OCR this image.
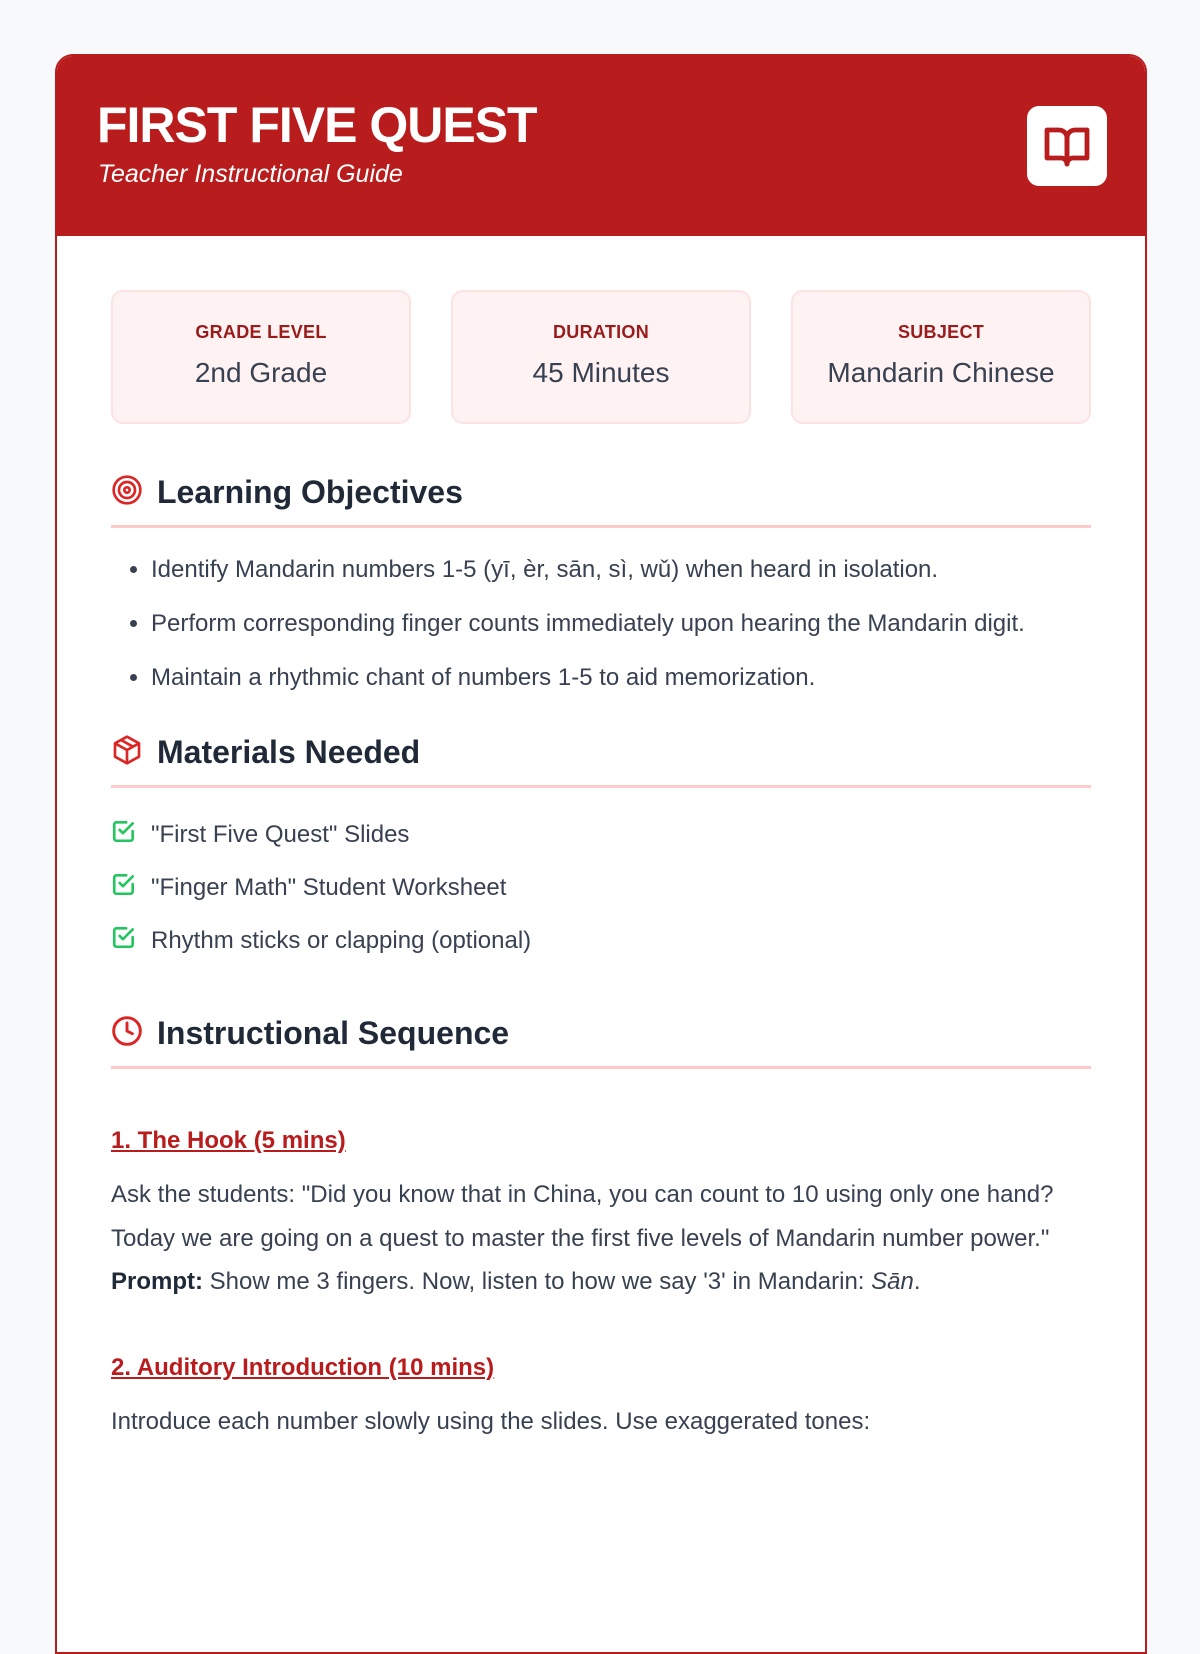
FIRST FIVE QUEST
Teacher Instructional Guide
GRADE LEVEL
2nd Grade
DURATION
45 Minutes
SUBJECT
Mandarin Chinese
Learning Objectives
• Identify Mandarin numbers 1-5 (yī, èr, sān, sì, wǔ) when heard in isolation.
• Perform corresponding finger counts immediately upon hearing the Mandarin digit.
• Maintain a rhythmic chant of numbers 1-5 to aid memorization.
Materials Needed
"First Five Quest" Slides
"Finger Math" Student Worksheet
Rhythm sticks or clapping (optional)
Instructional Sequence
1. The Hook (5 mins)
Ask the students: "Did you know that in China, you can count to 10 using only one hand? Today we are going on a quest to master the first five levels of Mandarin number power." Prompt: Show me 3 fingers. Now, listen to how we say '3' in Mandarin: Sān.
2. Auditory Introduction (10 mins)
Introduce each number slowly using the slides. Use exaggerated tones:
